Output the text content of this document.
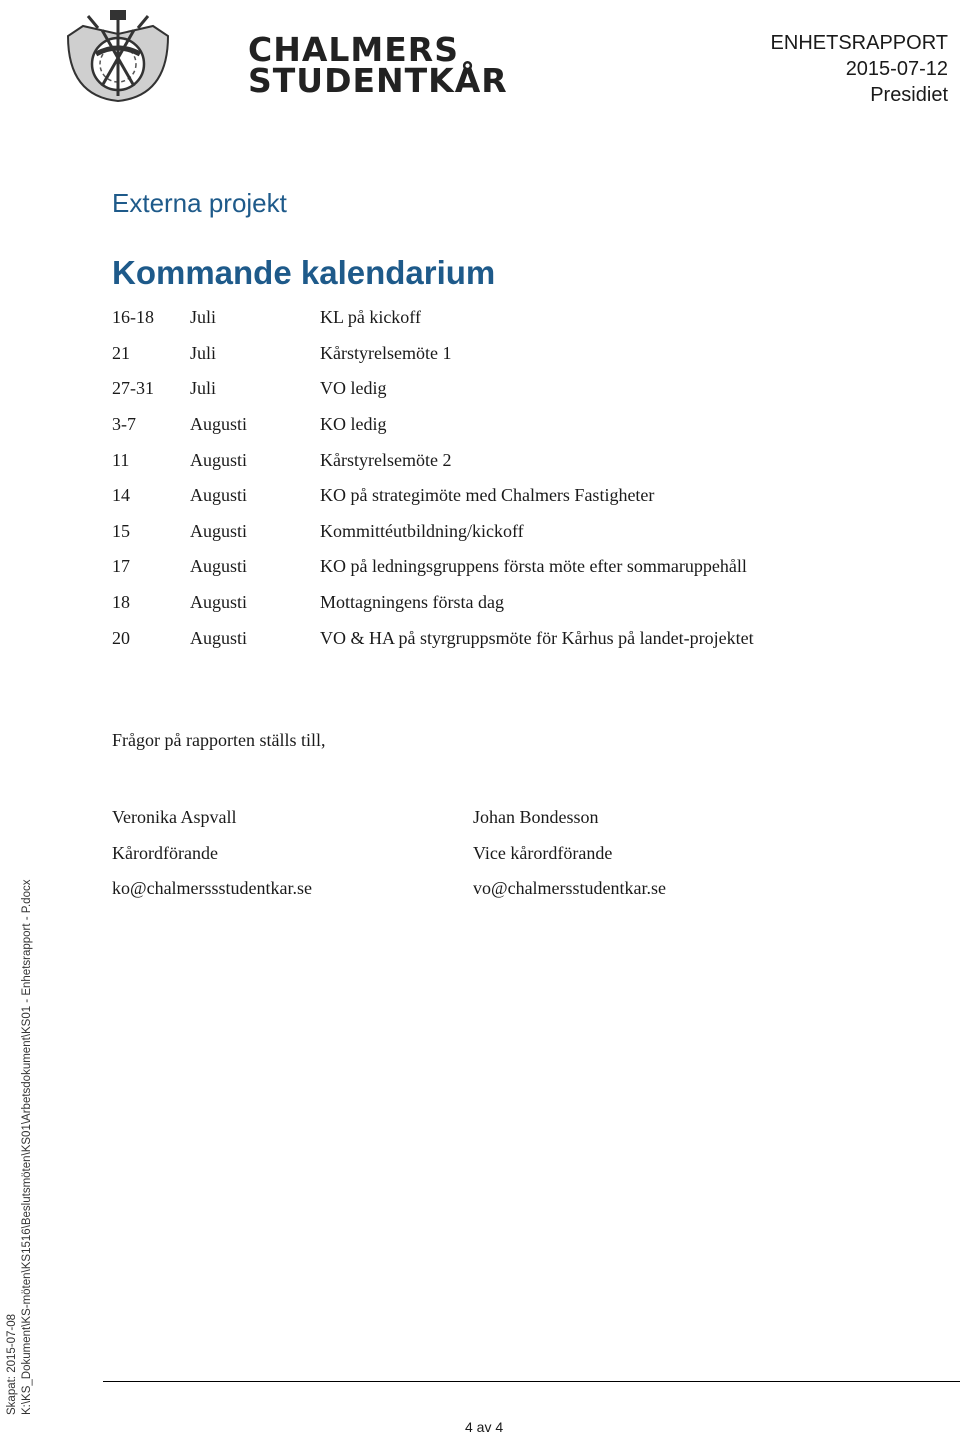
CHALMERS
STUDENTKÅR
ENHETSRAPPORT
2015-07-12
Presidiet
Externa projekt
Kommande kalendarium
16-18	Juli	KL på kickoff
21	Juli	Kårstyrelsemöte 1
27-31	Juli	VO ledig
3-7	Augusti	KO ledig
11	Augusti	Kårstyrelsemöte 2
14	Augusti	KO på strategimöte med Chalmers Fastigheter
15	Augusti	Kommittéutbildning/kickoff
17	Augusti	KO på ledningsgruppens första möte efter sommaruppehåll
18	Augusti	Mottagningens första dag
20	Augusti	VO & HA på styrgruppsmöte för Kårhus på landet-projektet
Frågor på rapporten ställs till,
Veronika Aspvall
Kårordförande
ko@chalmerssstudentkar.se
Johan Bondesson
Vice kårordförande
vo@chalmersstudentkar.se
Skapat: 2015-07-08 K:\KS_Dokument\KS-möten\KS1516\Beslutsmöten\KS01\Arbetsdokument\KS01 - Enhetsrapport - P.docx
4 av 4
